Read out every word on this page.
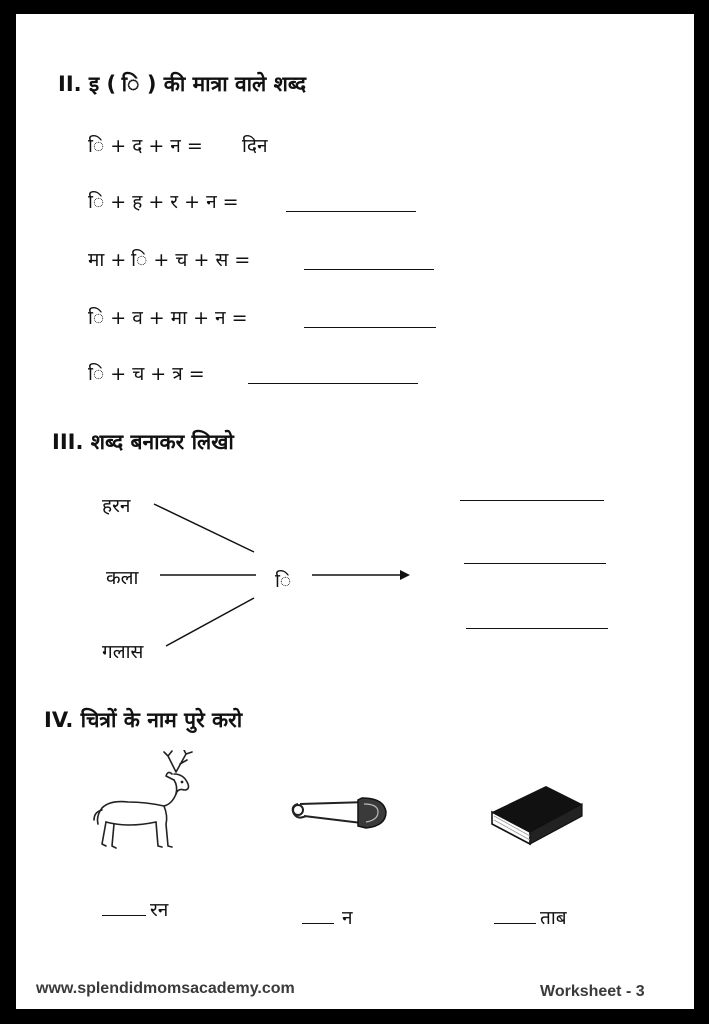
II. इ ( ि ) की मात्रा वाले शब्द
ि + द + न = दिन
ि + ह + र + न =
मा + ि + च + स =
ि + व + मा + न =
ि + च + त्र =
III. शब्द बनाकर लिखो
हरन
कला
गलास
ि
IV. चित्रों के नाम पुरे करो
रन	न	ताब
www.splendidmomsacademy.com	Worksheet - 3
